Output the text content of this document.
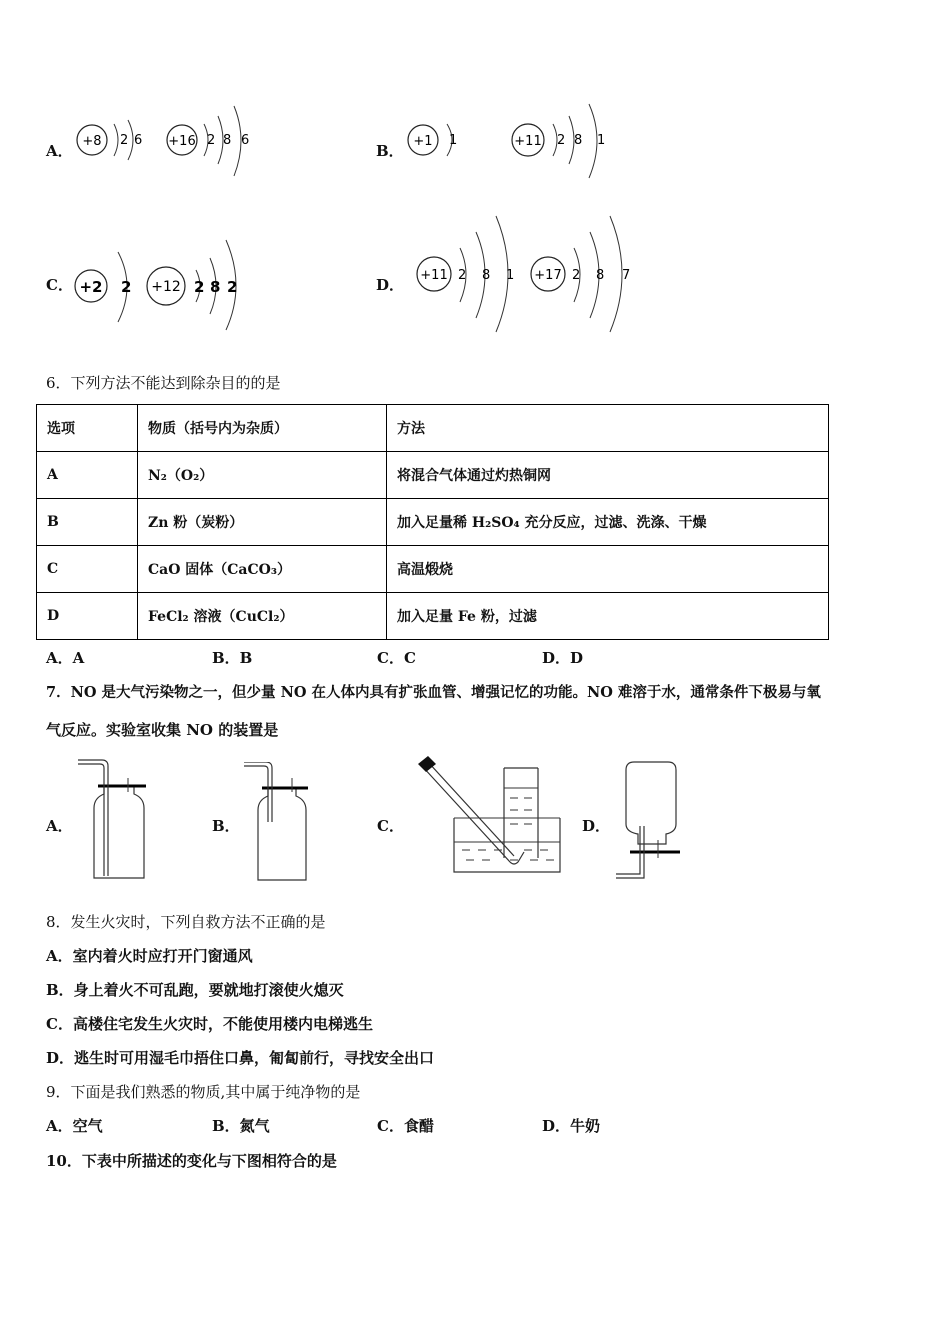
A．
+8 2 6 +16 2 8 6
B．
+1 1	+11 2 8 1
C． +2 2 +12 2 8 2	D．
+11 2 8 1 +17 2 8 7
6．下列方法不能达到除杂目的的是
选项	物质（括号内为杂质）	方法
A	N₂（O₂）	将混合气体通过灼热铜网
B	Zn 粉（炭粉）	加入足量稀 H₂SO₄ 充分反应，过滤、洗涤、干燥
C	CaO 固体（CaCO₃）	高温煅烧
D	FeCl₂ 溶液（CuCl₂）	加入足量 Fe 粉，过滤
A．A	B．B	C．C	D．D
7．NO 是大气污染物之一，但少量 NO 在人体内具有扩张血管、增强记忆的功能。NO 难溶于水，通常条件下极易与氧
气反应。实验室收集 NO 的装置是
A．	B．	C．	D．
8．发生火灾时，下列自救方法不正确的是
A．室内着火时应打开门窗通风
B．身上着火不可乱跑，要就地打滚使火熄灭
C．高楼住宅发生火灾时，不能使用楼内电梯逃生
D．逃生时可用湿毛巾捂住口鼻，匍匐前行，寻找安全出口
9．下面是我们熟悉的物质,其中属于纯净物的是
A．空气	B．氮气	C．食醋	D．牛奶
10．下表中所描述的变化与下图相符合的是
